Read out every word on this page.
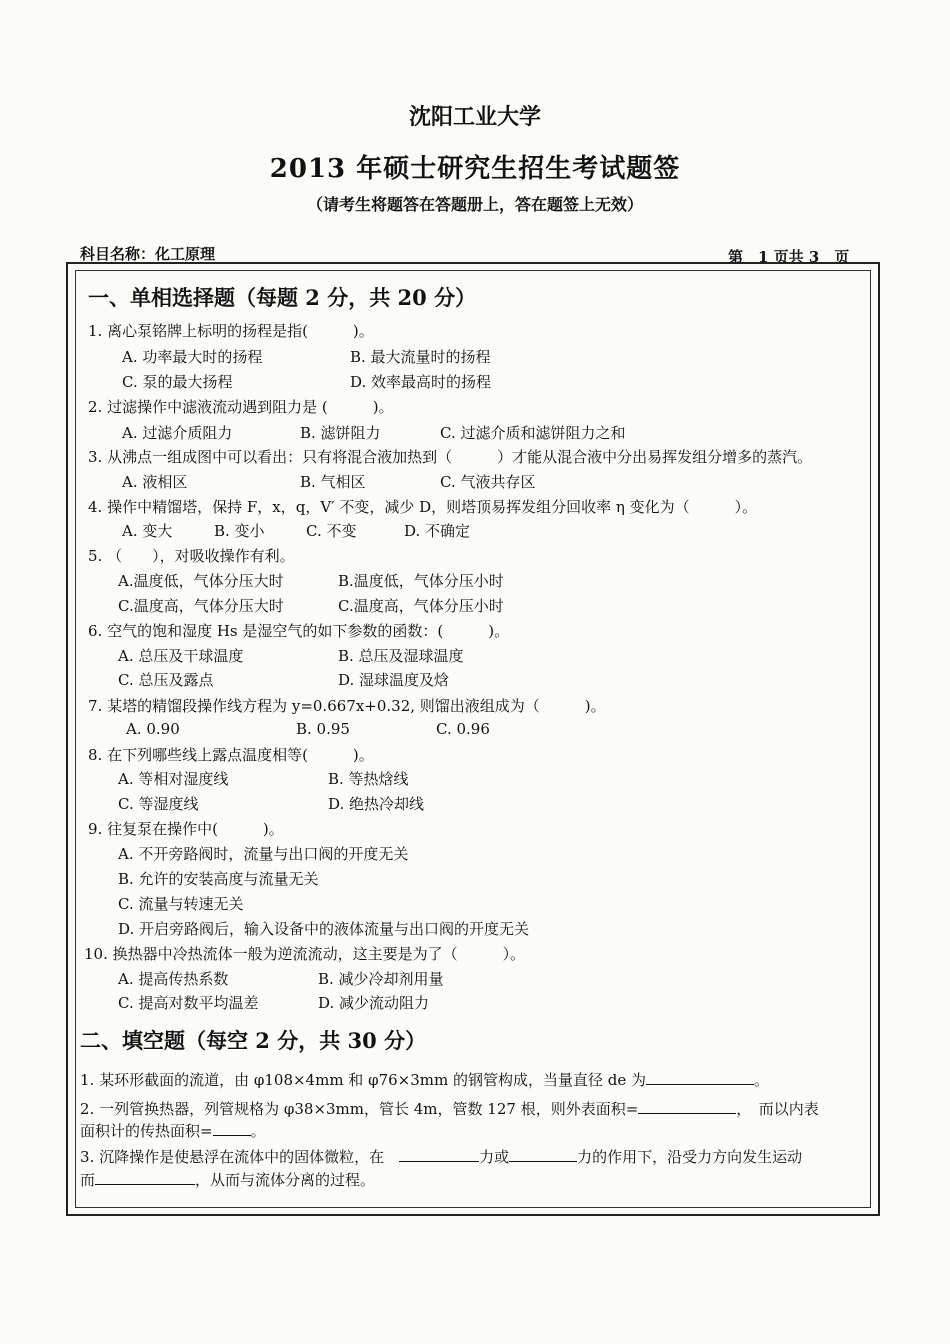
沈阳工业大学
2013 年硕士研究生招生考试题签
（请考生将题答在答题册上，答在题签上无效）
科目名称：化工原理	第　1 页共 3　页
一、单相选择题（每题 2 分，共 20 分）
1. 离心泵铭牌上标明的扬程是指(　　　)。
A. 功率最大时的扬程	B. 最大流量时的扬程
C. 泵的最大扬程	D. 效率最高时的扬程
2. 过滤操作中滤液流动遇到阻力是 (　　　)。
A. 过滤介质阻力	B. 滤饼阻力	C. 过滤介质和滤饼阻力之和
3. 从沸点一组成图中可以看出：只有将混合液加热到（　　　）才能从混合液中分出易挥发组分增多的蒸汽。
A. 液相区	B. 气相区	C. 气液共存区
4. 操作中精馏塔，保持 F，x，q，V′ 不变，减少 D，则塔顶易挥发组分回收率 η 变化为（　　　）。
A. 变大	B. 变小	C. 不变	D. 不确定
5. （　　），对吸收操作有利。
A.温度低，气体分压大时	B.温度低，气体分压小时
C.温度高，气体分压大时	C.温度高，气体分压小时
6. 空气的饱和湿度 Hs 是湿空气的如下参数的函数：(　　　)。
A. 总压及干球温度	B. 总压及湿球温度
C. 总压及露点	D. 湿球温度及焓
7. 某塔的精馏段操作线方程为 y=0.667x+0.32, 则馏出液组成为（　　　)。
A. 0.90	B. 0.95	C. 0.96
8. 在下列哪些线上露点温度相等(　　　)。
A. 等相对湿度线	B. 等热焓线
C. 等湿度线	D. 绝热冷却线
9. 往复泵在操作中(　　　)。
A. 不开旁路阀时，流量与出口阀的开度无关
B. 允许的安装高度与流量无关
C. 流量与转速无关
D. 开启旁路阀后，输入设备中的液体流量与出口阀的开度无关
10. 换热器中冷热流体一般为逆流流动，这主要是为了（　　　）。
A. 提高传热系数	B. 减少冷却剂用量
C. 提高对数平均温差	D. 减少流动阻力
二、填空题（每空 2 分，共 30 分）
1. 某环形截面的流道，由 φ108×4mm 和 φ76×3mm 的钢管构成，当量直径 de 为	。
2. 一列管换热器，列管规格为 φ38×3mm，管长 4m，管数 127 根，则外表面积=	，　而以内表
面积计的传热面积=	。
3. 沉降操作是使悬浮在流体中的固体微粒，在　	力或	力的作用下，沿受力方向发生运动
而	，从而与流体分离的过程。
